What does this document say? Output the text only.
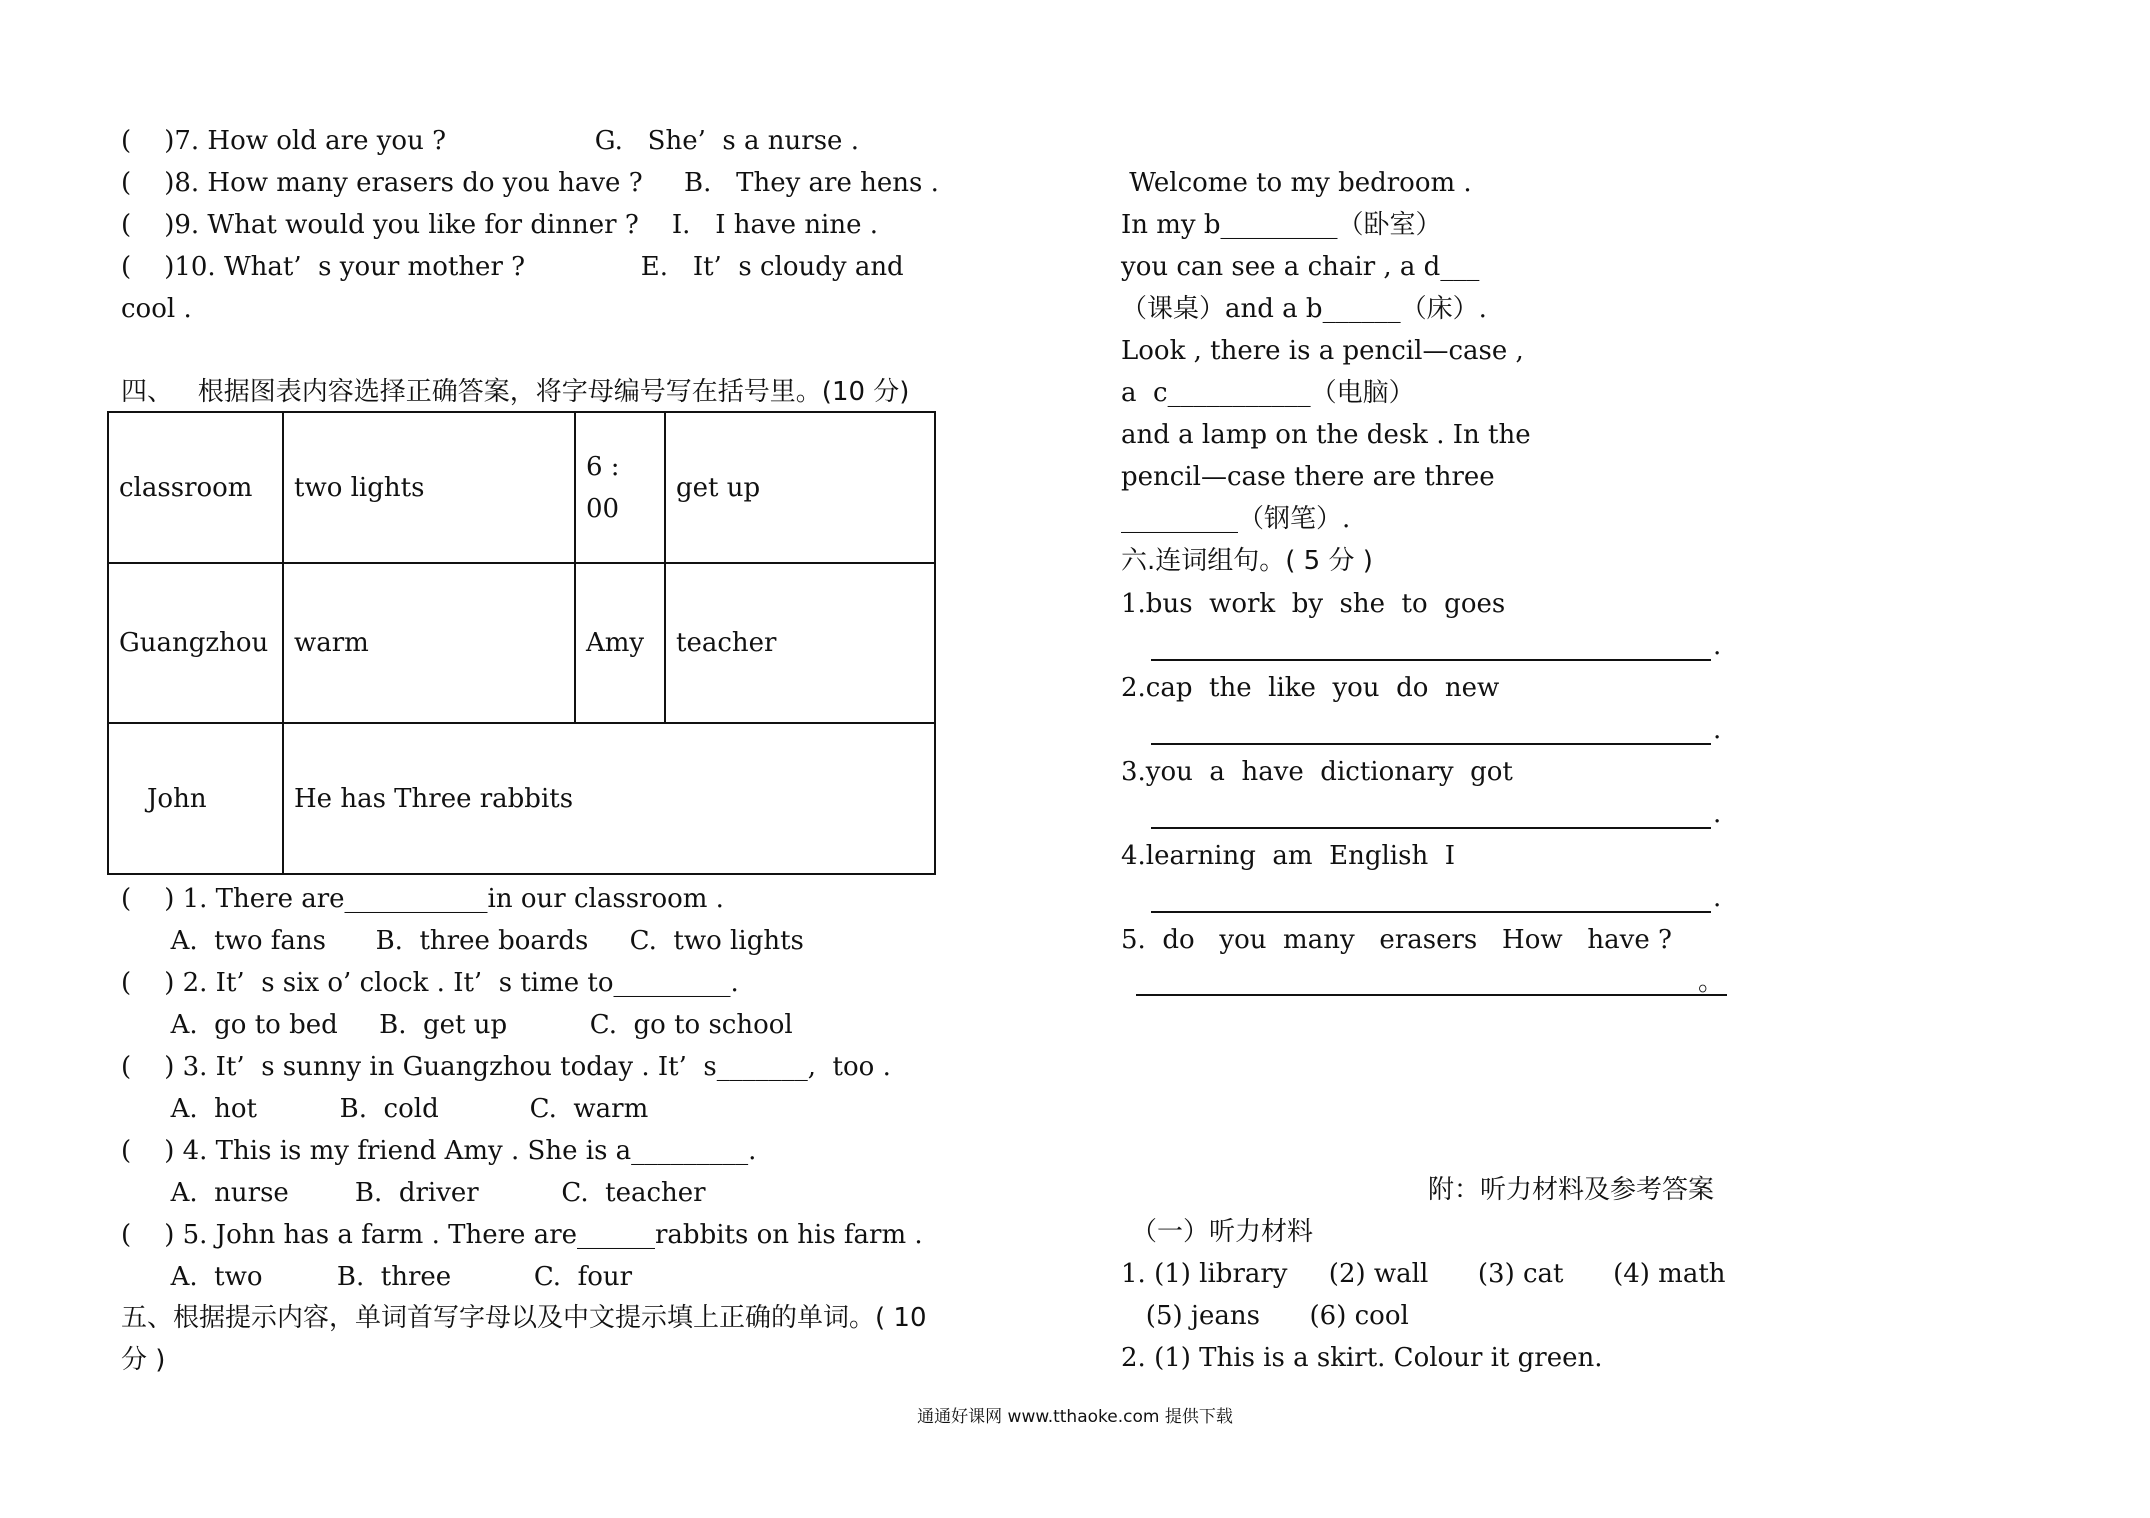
(    )7. How old are you ?                  G.   She’  s a nurse .
(    )8. How many erasers do you have ?     B.   They are hens .
(    )9. What would you like for dinner ?    I.   I have nine .
(    )10. What’  s your mother ?              E.   It’  s cloudy and
cool .
四、   根据图表内容选择正确答案，将字母编号写在括号里。(10 分)
classroom	two lights	6 : 00	get up
Guangzhou	warm	Amy	teacher
John	He has Three rabbits		
(    ) 1. There are___________in our classroom .
A.  two fans      B.  three boards     C.  two lights
(    ) 2. It’  s six o’ clock . It’  s time to_________.
A.  go to bed     B.  get up          C.  go to school
(    ) 3. It’  s sunny in Guangzhou today . It’  s_______,  too .
A.  hot          B.  cold           C.  warm
(    ) 4. This is my friend Amy . She is a_________.
A.  nurse        B.  driver          C.  teacher
(    ) 5. John has a farm . There are______rabbits on his farm .
A.  two         B.  three          C.  four
五、根据提示内容，单词首写字母以及中文提示填上正确的单词。( 10
分 )
Welcome to my bedroom .
In my b_________（卧室）
you can see a chair , a d___
（课桌）and a b______（床）.
Look , there is a pencil—case ,
a  c___________（电脑）
and a lamp on the desk . In the
pencil—case there are three
_________（钢笔）.
六.连词组句。( 5 分 )
1.bus  work  by  she  to  goes
.
2.cap  the  like  you  do  new
.
3.you  a  have  dictionary  got
.
4.learning  am  English  I
.
5.  do   you  many   erasers   How   have ?
。
附：听力材料及参考答案
（一）听力材料
1. (1) library     (2) wall      (3) cat      (4) math
(5) jeans      (6) cool
2. (1) This is a skirt. Colour it green.
通通好课网 www.tthaoke.com 提供下载
